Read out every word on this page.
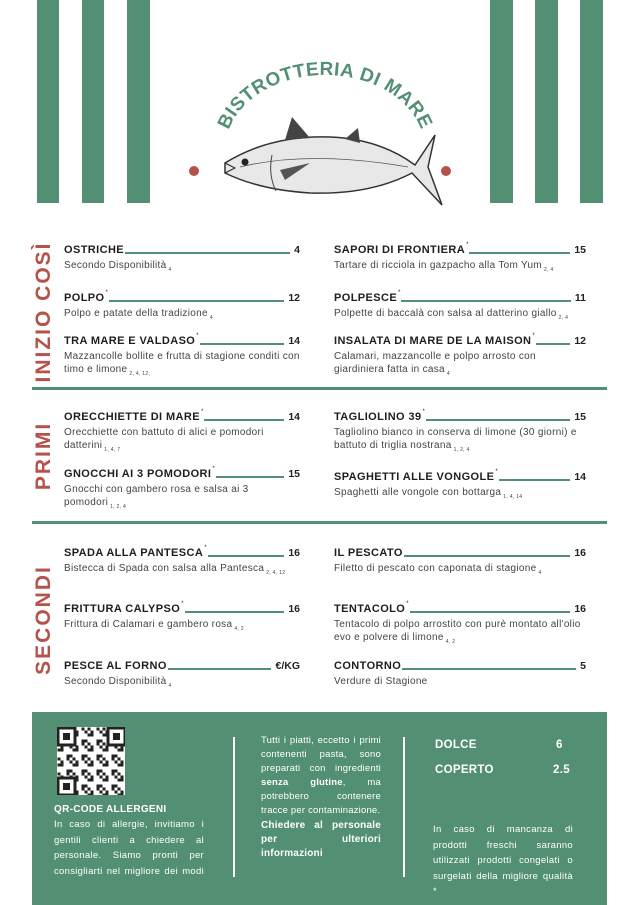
BISTROTTERIA DI MARE
INIZIO COSÌ
PRIMI
SECONDI
OSTRICHE	4
Secondo Disponibilità $_4$
SAPORI DI FRONTIERA *	15
Tartare di ricciola in gazpacho alla Tom Yum $_{2, 4}$
POLPO *	12
Polpo e patate della tradizione $_4$
POLPESCE *	11
Polpette di baccalà con salsa al datterino giallo $_{2, 4}$
TRA MARE E VALDASO *	14
Mazzancolle bollite e frutta di stagione conditi con timo e limone $_{2, 4, 12,}$
INSALATA DI MARE DE LA MAISON *	12
Calamari, mazzancolle e polpo arrosto con giardiniera fatta in casa $_4$
ORECCHIETTE DI MARE *	14
Orecchiette con battuto di alici e pomodori datterini $_{1, 4, 7}$
TAGLIOLINO 39 *	15
Tagliolino bianco in conserva di limone (30 giorni) e battuto di triglia nostrana $_{1, 2, 4}$
GNOCCHI AI 3 POMODORI *	15
Gnocchi con gambero rosa e salsa ai 3 pomodori $_{1, 2, 4}$
SPAGHETTI ALLE VONGOLE *	14
Spaghetti alle vongole con bottarga $_{1, 4, 14}$
SPADA ALLA PANTESCA *	16
Bistecca di Spada con salsa alla Pantesca $_{2, 4, 12}$
IL PESCATO	16
Filetto di pescato con caponata di stagione $_4$
FRITTURA CALYPSO *	16
Frittura di Calamari e gambero rosa $_{4, 2}$
TENTACOLO *	16
Tentacolo di polpo arrostito con purè montato all'olio evo e polvere di limone $_{4, 2}$
PESCE AL FORNO	€/KG
Secondo Disponibilità $_4$
CONTORNO	5
Verdure di Stagione
QR-CODE ALLERGENI
In caso di allergie, invitiamo i gentili clienti a chiedere al personale. Siamo pronti per consigliarti nel migliore dei modi
Tutti i piatti, eccetto i primi contenenti pasta, sono preparati con ingredienti senza glutine, ma potrebbero contenere tracce per contaminazione.
Chiedere al personale per ulteriori informazioni
DOLCE	6
COPERTO	2.5
In caso di mancanza di prodotti freschi saranno utilizzati prodotti congelati o surgelati della migliore qualità *
